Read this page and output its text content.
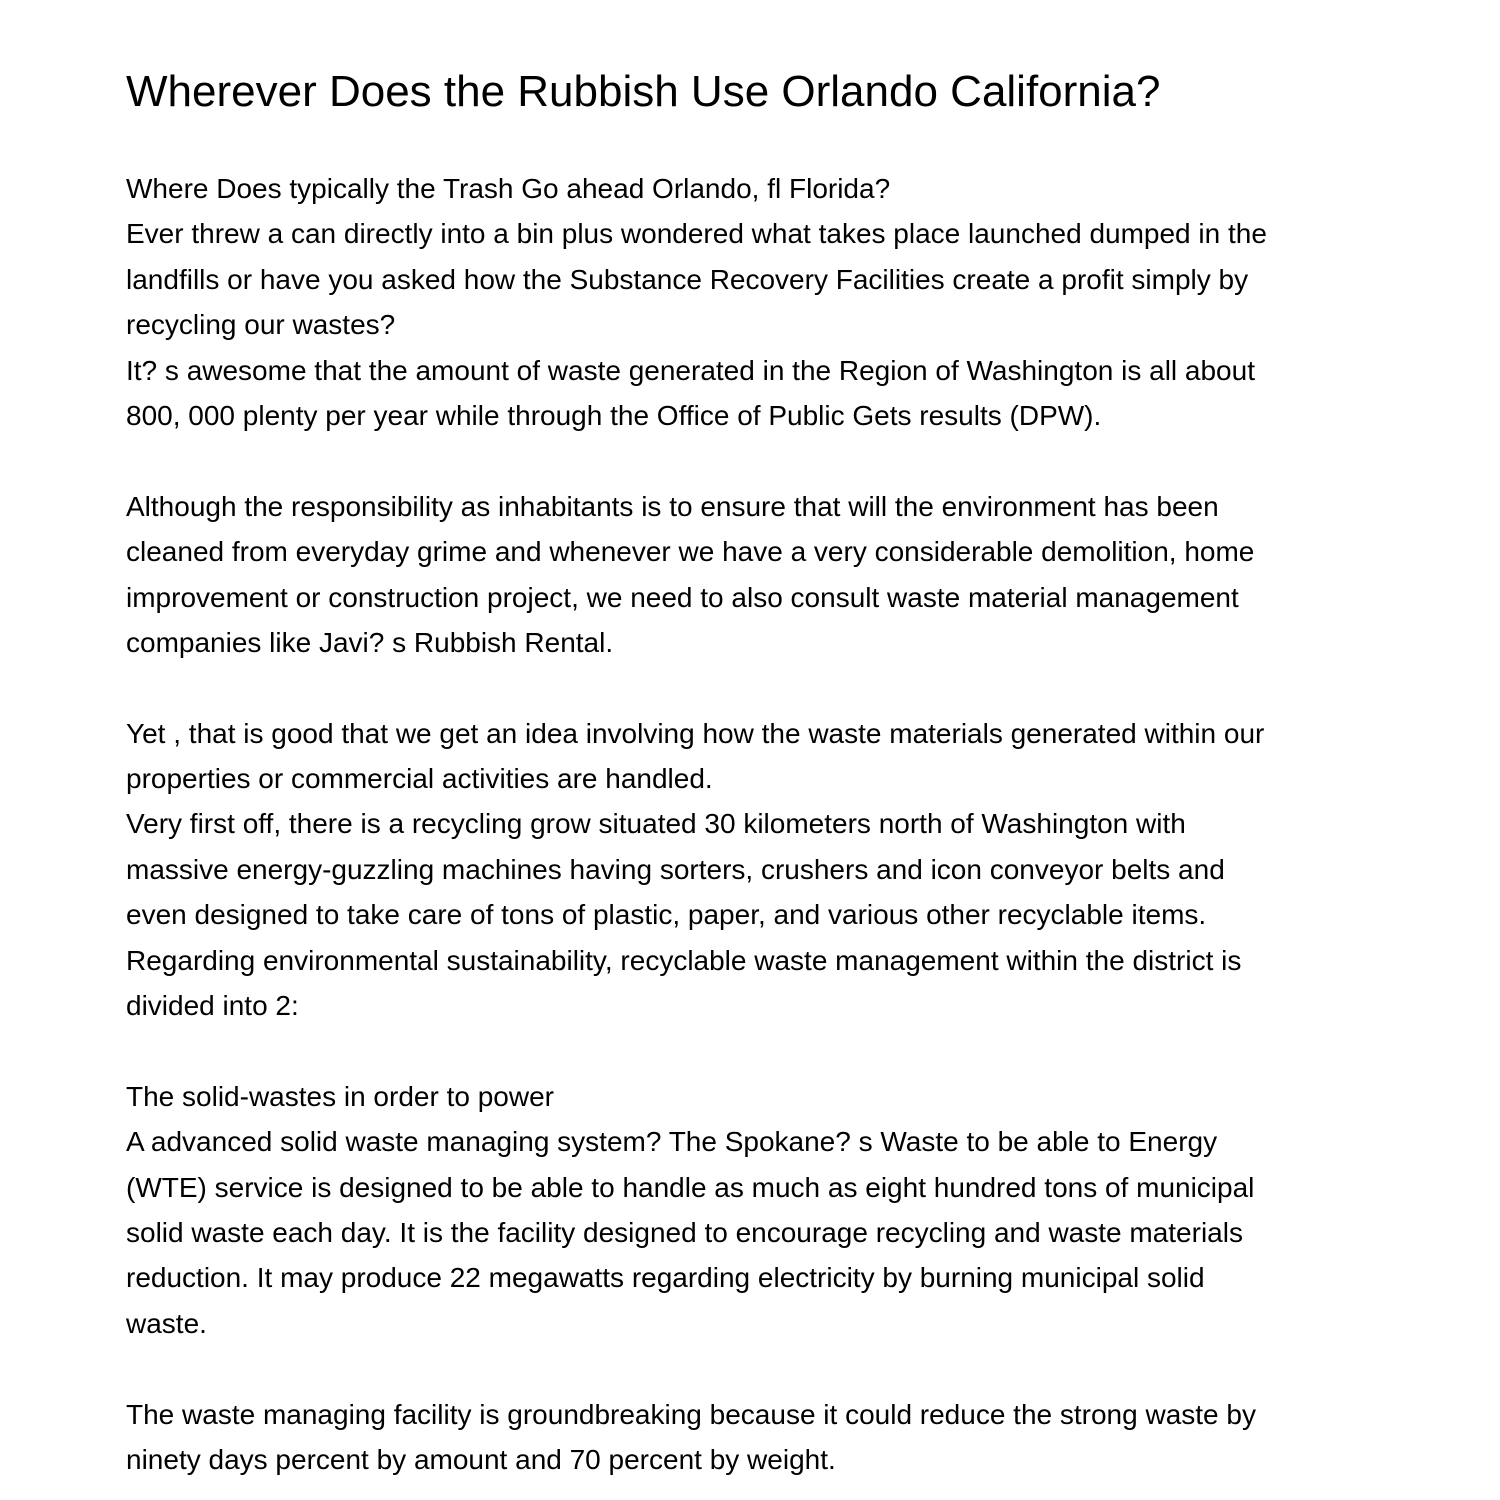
Wherever Does the Rubbish Use Orlando California?
Where Does typically the Trash Go ahead Orlando, fl Florida?
Ever threw a can directly into a bin plus wondered what takes place launched dumped in the
landfills or have you asked how the Substance Recovery Facilities create a profit simply by
recycling our wastes?
It? s awesome that the amount of waste generated in the Region of Washington is all about
800, 000 plenty per year while through the Office of Public Gets results (DPW).
Although the responsibility as inhabitants is to ensure that will the environment has been
cleaned from everyday grime and whenever we have a very considerable demolition, home
improvement or construction project, we need to also consult waste material management
companies like Javi? s Rubbish Rental.
Yet , that is good that we get an idea involving how the waste materials generated within our
properties or commercial activities are handled.
Very first off, there is a recycling grow situated 30 kilometers north of Washington with
massive energy-guzzling machines having sorters, crushers and icon conveyor belts and
even designed to take care of tons of plastic, paper, and various other recyclable items.
Regarding environmental sustainability, recyclable waste management within the district is
divided into 2:
The solid-wastes in order to power
A advanced solid waste managing system? The Spokane? s Waste to be able to Energy
(WTE) service is designed to be able to handle as much as eight hundred tons of municipal
solid waste each day. It is the facility designed to encourage recycling and waste materials
reduction. It may produce 22 megawatts regarding electricity by burning municipal solid
waste.
The waste managing facility is groundbreaking because it could reduce the strong waste by
ninety days percent by amount and 70 percent by weight.
